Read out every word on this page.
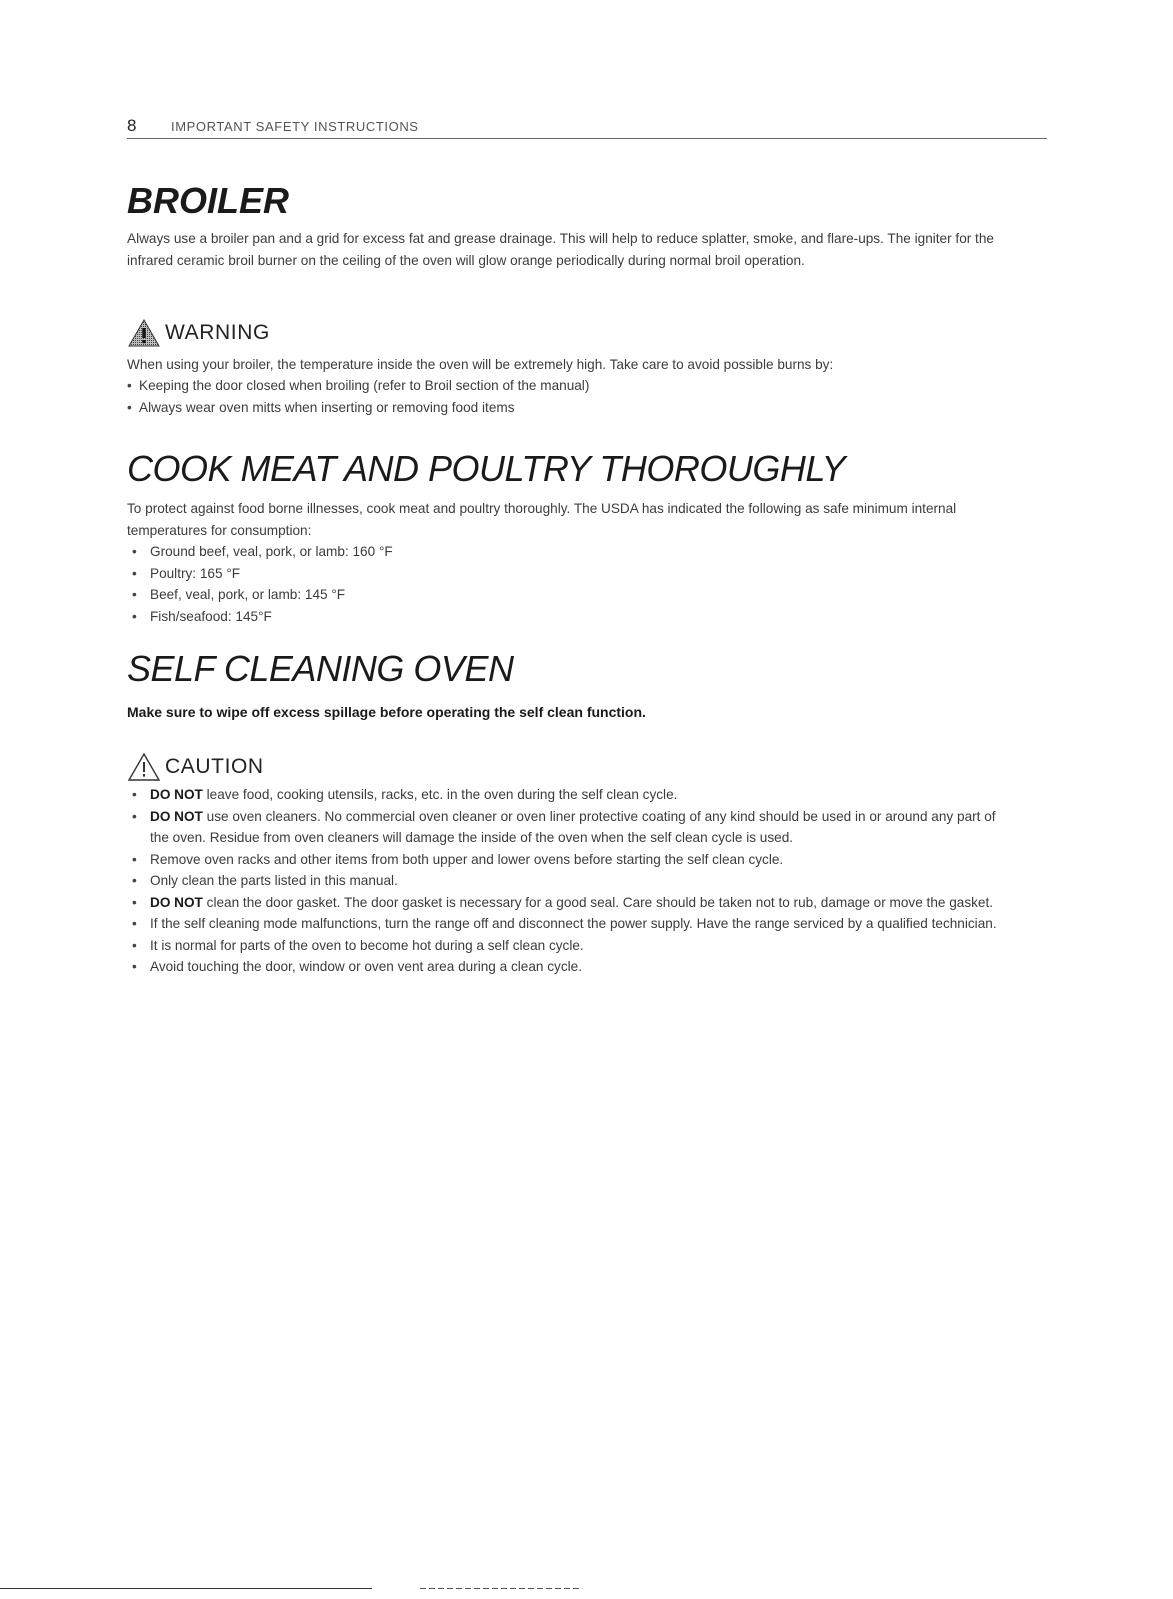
8	IMPORTANT SAFETY INSTRUCTIONS
BROILER

Always use a broiler pan and a grid for excess fat and grease drainage. This will help to reduce splatter, smoke, and flare-ups. The igniter for the infrared ceramic broil burner on the ceiling of the oven will glow orange periodically during normal broil operation.

WARNING

When using your broiler, the temperature inside the oven will be extremely high. Take care to avoid possible burns by:

• Keeping the door closed when broiling (refer to Broil section of the manual)
• Always wear oven mitts when inserting or removing food items
COOK MEAT AND POULTRY THOROUGHLY

To protect against food borne illnesses, cook meat and poultry thoroughly. The USDA has indicated the following as safe minimum internal temperatures for consumption:

• Ground beef, veal, pork, or lamb: 160 °F
• Poultry: 165 °F
• Beef, veal, pork, or lamb: 145 °F
• Fish/seafood: 145°F
SELF CLEANING OVEN
Make sure to wipe off excess spillage before operating the self clean function.
CAUTION
• DO NOT leave food, cooking utensils, racks, etc. in the oven during the self clean cycle.
• DO NOT use oven cleaners. No commercial oven cleaner or oven liner protective coating of any kind should be used in or around any part of the oven. Residue from oven cleaners will damage the inside of the oven when the self clean cycle is used.
• Remove oven racks and other items from both upper and lower ovens before starting the self clean cycle.
• Only clean the parts listed in this manual.
• DO NOT clean the door gasket. The door gasket is necessary for a good seal. Care should be taken not to rub, damage or move the gasket.
• If the self cleaning mode malfunctions, turn the range off and disconnect the power supply. Have the range serviced by a qualified technician.
• It is normal for parts of the oven to become hot during a self clean cycle.
• Avoid touching the door, window or oven vent area during a clean cycle.
